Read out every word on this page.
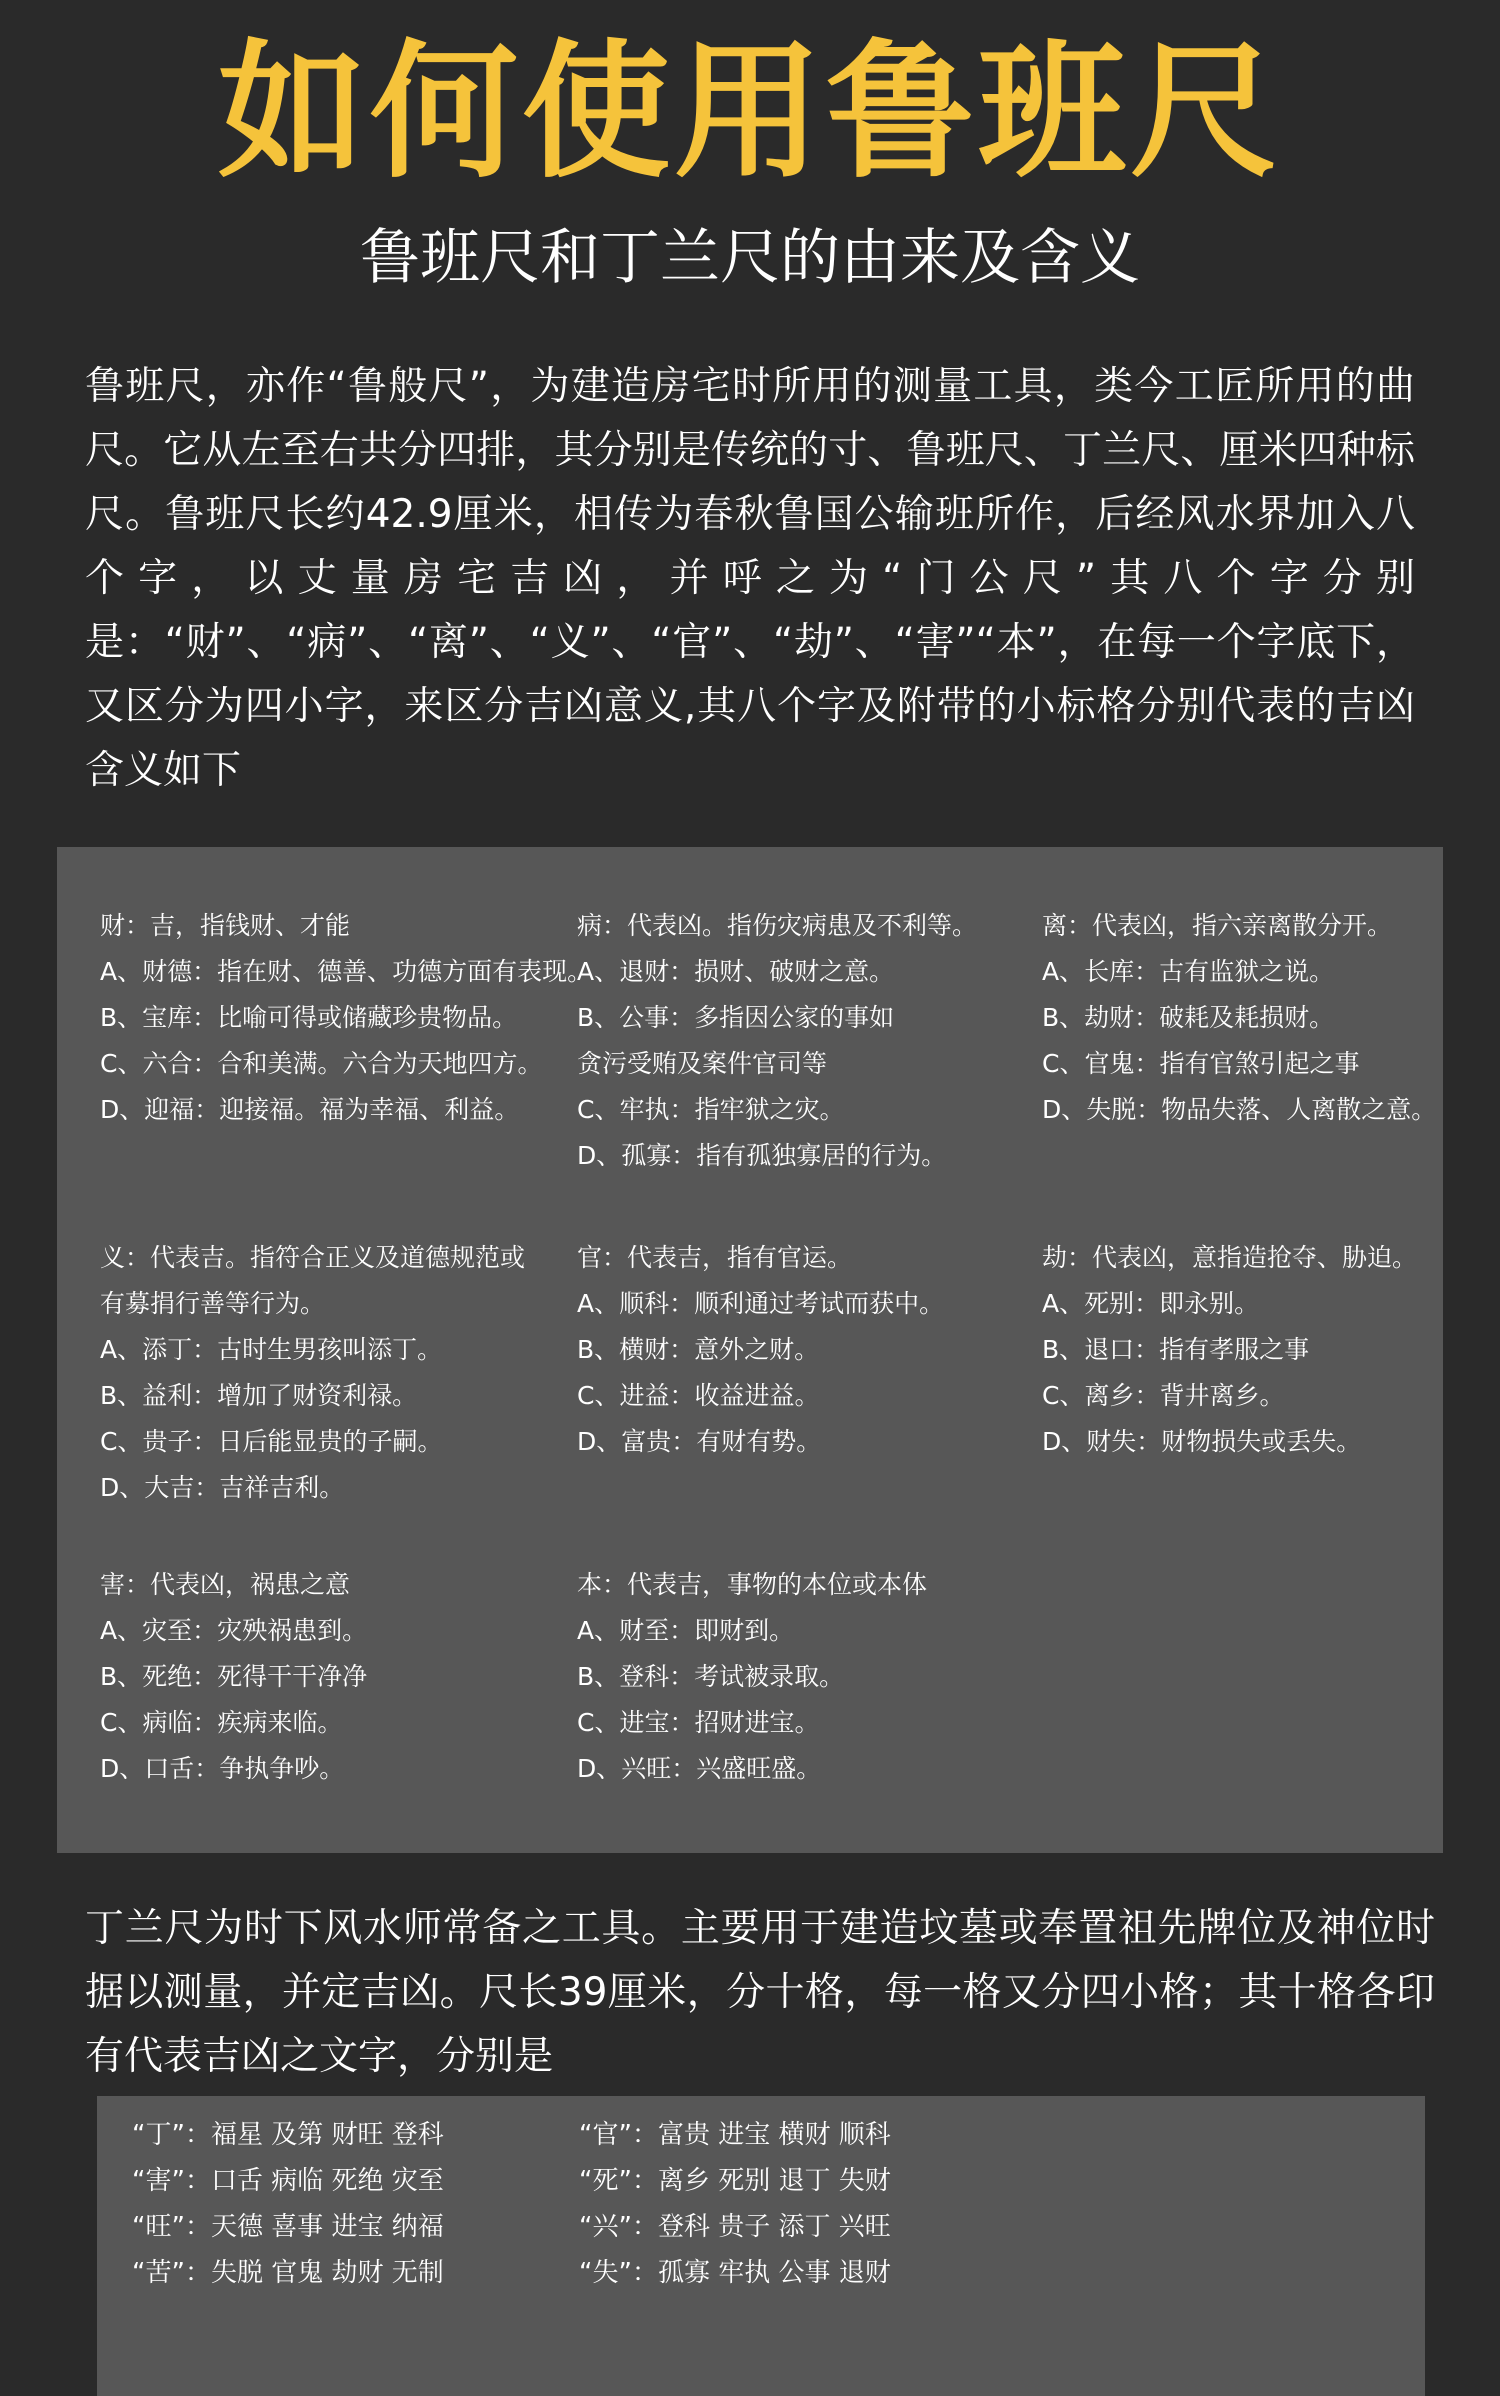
如何使用鲁班尺
鲁班尺和丁兰尺的由来及含义

鲁班尺，亦作“鲁般尺”，为建造房宅时所用的测量工具，类今工匠所用的曲尺。它从左至右共分四排，其分别是传统的寸、鲁班尺、丁兰尺、厘米四种标尺。鲁班尺长约42.9厘米，相传为春秋鲁国公输班所作，后经风水界加入八个字，以丈量房宅吉凶，并呼之为“门公尺”其八个字分别是：“财”、“病”、“离”、“义”、“官”、“劫”、“害”“本”，在每一个字底下，又区分为四小字，来区分吉凶意义,其八个字及附带的小标格分别代表的吉凶含义如下

财：吉，指钱财、才能
A、财德：指在财、德善、功德方面有表现。
B、宝库：比喻可得或储藏珍贵物品。
C、六合：合和美满。六合为天地四方。
D、迎福：迎接福。福为幸福、利益。
病：代表凶。指伤灾病患及不利等。
A、退财：损财、破财之意。
B、公事：多指因公家的事如
贪污受贿及案件官司等
C、牢执：指牢狱之灾。
D、孤寡：指有孤独寡居的行为。
离：代表凶，指六亲离散分开。
A、长库：古有监狱之说。
B、劫财：破耗及耗损财。
C、官鬼：指有官煞引起之事
D、失脱：物品失落、人离散之意。
义：代表吉。指符合正义及道德规范或有募捐行善等行为。
A、添丁：古时生男孩叫添丁。
B、益利：增加了财资利禄。
C、贵子：日后能显贵的子嗣。
D、大吉：吉祥吉利。
官：代表吉，指有官运。
A、顺科：顺利通过考试而获中。
B、横财：意外之财。
C、进益：收益进益。
D、富贵：有财有势。
劫：代表凶，意指造抢夺、胁迫。
A、死别：即永别。
B、退口：指有孝服之事
C、离乡：背井离乡。
D、财失：财物损失或丢失。
害：代表凶，祸患之意
A、灾至：灾殃祸患到。
B、死绝：死得干干净净
C、病临：疾病来临。
D、口舌：争执争吵。
本：代表吉，事物的本位或本体
A、财至：即财到。
B、登科：考试被录取。
C、进宝：招财进宝。
D、兴旺：兴盛旺盛。

丁兰尺为时下风水师常备之工具。主要用于建造坟墓或奉置祖先牌位及神位时据以测量，并定吉凶。尺长39厘米，分十格，每一格又分四小格；其十格各印有代表吉凶之文字，分别是

“丁”：福星 及第 财旺 登科
“害”：口舌 病临 死绝 灾至
“旺”：天德 喜事 进宝 纳福
“苦”：失脱 官鬼 劫财 无制
“官”：富贵 进宝 横财 顺科
“死”：离乡 死别 退丁 失财
“兴”：登科 贵子 添丁 兴旺
“失”：孤寡 牢执 公事 退财
